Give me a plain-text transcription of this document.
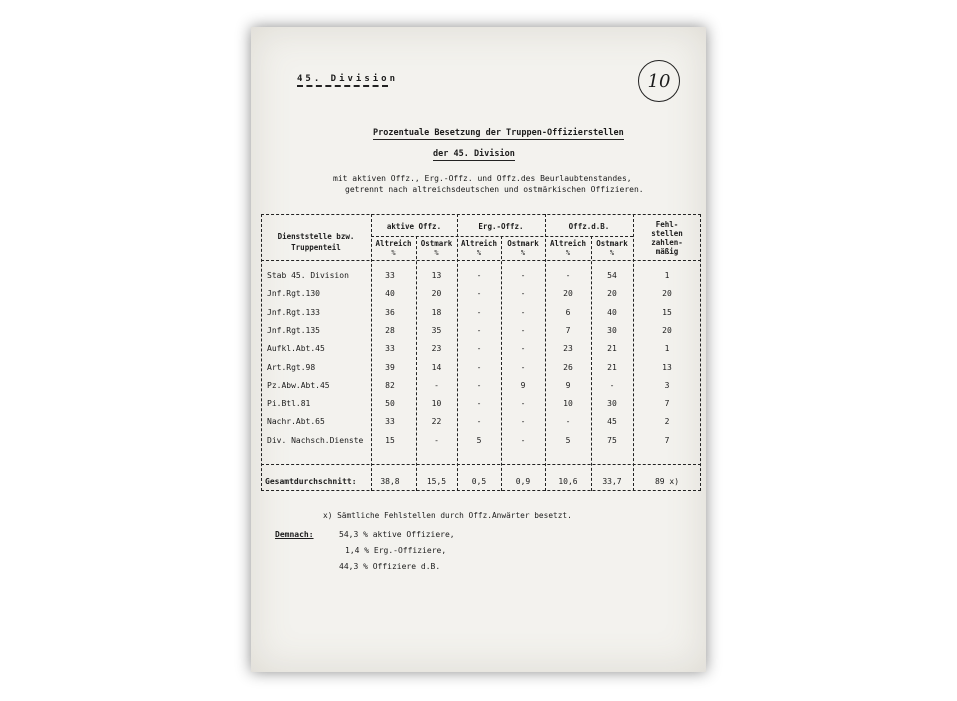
45. Division	10
Prozentuale Besetzung der Truppen-Offizierstellen
der 45. Division
mit aktiven Offz., Erg.-Offz. und Offz.des Beurlaubtenstandes,
getrennt nach altreichsdeutschen und ostmärkischen Offizieren.
Dienststelle bzw.
Truppenteil
aktive Offz.	Erg.-Offz.	Offz.d.B.	Fehl-
stellen
zahlen-
mäßig
Altreich	Ostmark	Altreich	Ostmark	Altreich	Ostmark
%	%	%	%	%	%
Stab 45. Division	33	13	-	-	-	54	1
Jnf.Rgt.130	40	20	-	-	20	20	20
Jnf.Rgt.133	36	18	-	-	6	40	15
Jnf.Rgt.135	28	35	-	-	7	30	20
Aufkl.Abt.45	33	23	-	-	23	21	1
Art.Rgt.98	39	14	-	-	26	21	13
Pz.Abw.Abt.45	82	-	-	9	9	-	3
Pi.Btl.81	50	10	-	-	10	30	7
Nachr.Abt.65	33	22	-	-	-	45	2
Div. Nachsch.Dienste	15	-	5	-	5	75	7
Gesamtdurchschnitt:	38,8	15,5	0,5	0,9	10,6	33,7	89 x)
x) Sämtliche Fehlstellen durch Offz.Anwärter besetzt.
Demnach:	54,3 % aktive Offiziere,
1,4 % Erg.-Offiziere,
44,3 % Offiziere d.B.
